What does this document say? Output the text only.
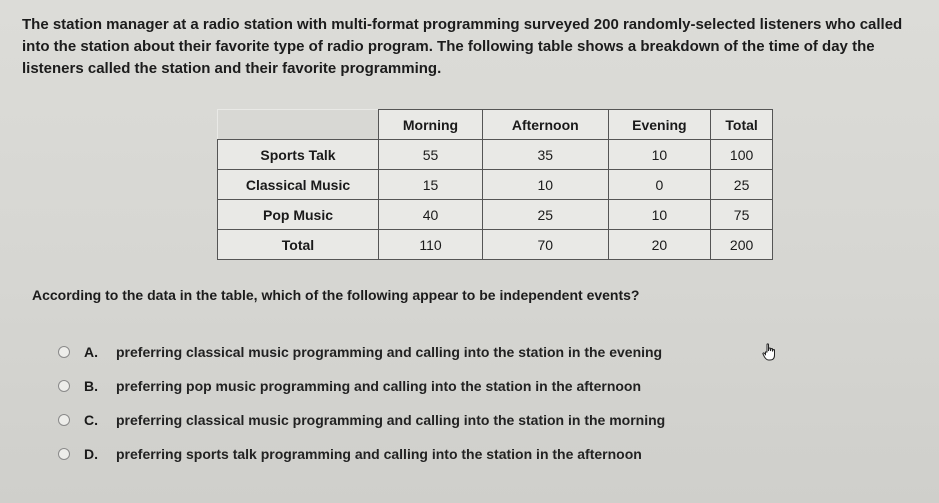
The station manager at a radio station with multi-format programming surveyed 200 randomly-selected listeners who called into the station about their favorite type of radio program. The following table shows a breakdown of the time of day the listeners called the station and their favorite programming.
	Morning	Afternoon	Evening	Total
Sports Talk	55	35	10	100
Classical Music	15	10	0	25
Pop Music	40	25	10	75
Total	110	70	20	200
According to the data in the table, which of the following appear to be independent events?
A.	preferring classical music programming and calling into the station in the evening
B.	preferring pop music programming and calling into the station in the afternoon
C.	preferring classical music programming and calling into the station in the morning
D.	preferring sports talk programming and calling into the station in the afternoon
